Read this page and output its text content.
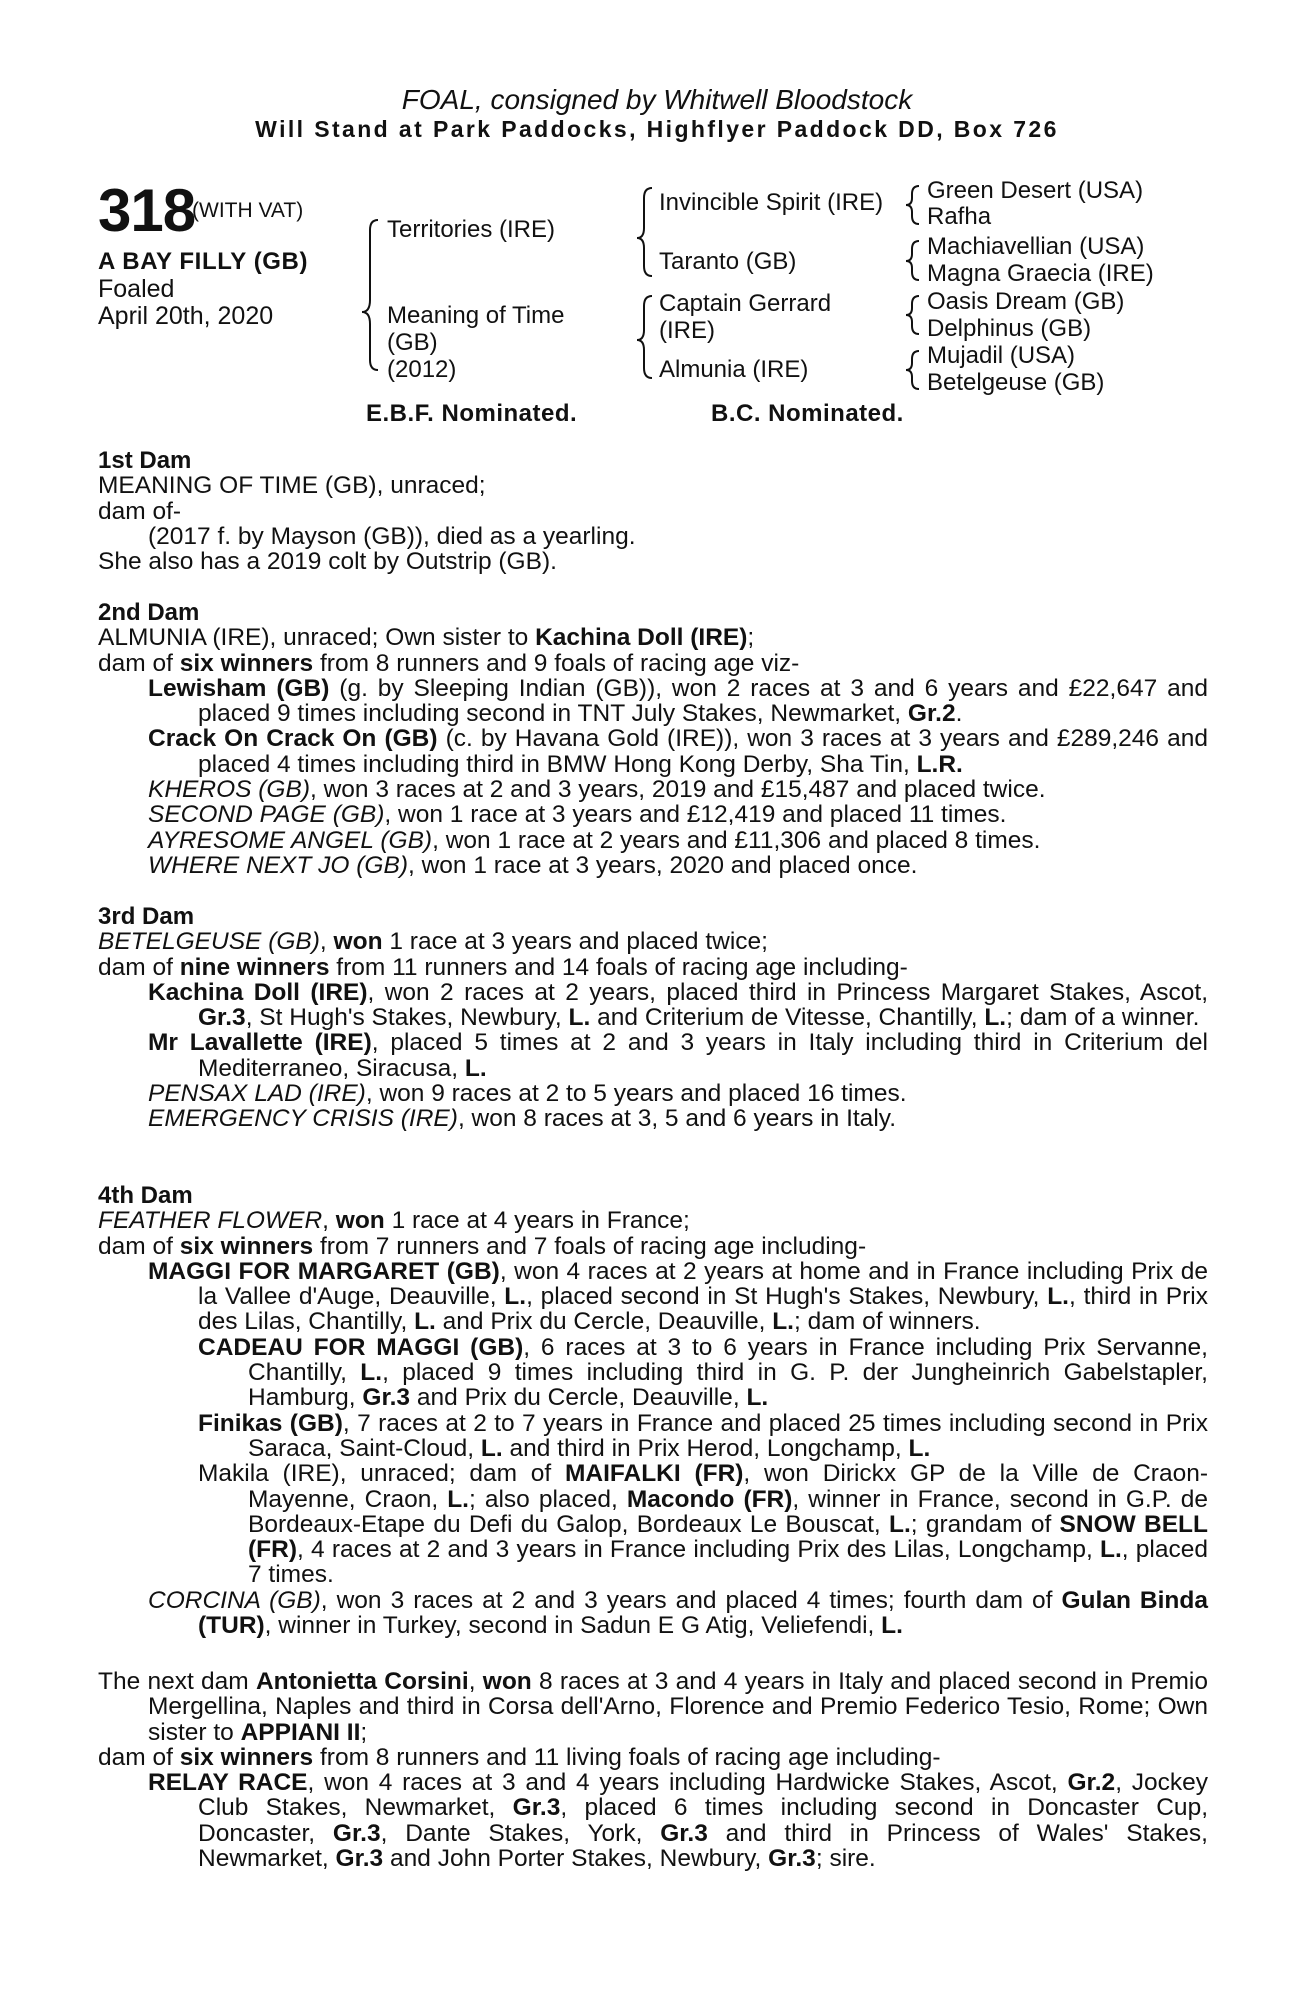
FOAL, consigned by Whitwell Bloodstock
Will Stand at Park Paddocks, Highflyer Paddock DD, Box 726
318
(WITH VAT)
A BAY FILLY (GB)
Foaled
April 20th, 2020
Territories (IRE)
Meaning of Time
(GB)
(2012)
Invincible Spirit (IRE)
Taranto (GB)
Captain Gerrard
(IRE)
Almunia (IRE)
Green Desert (USA)
Rafha
Machiavellian (USA)
Magna Graecia (IRE)
Oasis Dream (GB)
Delphinus (GB)
Mujadil (USA)
Betelgeuse (GB)
E.B.F. Nominated.	B.C. Nominated.

1st Dam

MEANING OF TIME (GB), unraced;

dam of-

(2017 f. by Mayson (GB)), died as a yearling.

She also has a 2019 colt by Outstrip (GB).

2nd Dam

ALMUNIA (IRE), unraced; Own sister to Kachina Doll (IRE);

dam of six winners from 8 runners and 9 foals of racing age viz-

Lewisham (GB) (g. by Sleeping Indian (GB)), won 2 races at 3 and 6 years and £22,647 and placed 9 times including second in TNT July Stakes, Newmarket, Gr.2.

Crack On Crack On (GB) (c. by Havana Gold (IRE)), won 3 races at 3 years and £289,246 and placed 4 times including third in BMW Hong Kong Derby, Sha Tin, L.R.

KHEROS (GB), won 3 races at 2 and 3 years, 2019 and £15,487 and placed twice.

SECOND PAGE (GB), won 1 race at 3 years and £12,419 and placed 11 times.

AYRESOME ANGEL (GB), won 1 race at 2 years and £11,306 and placed 8 times.

WHERE NEXT JO (GB), won 1 race at 3 years, 2020 and placed once.

3rd Dam

BETELGEUSE (GB), won 1 race at 3 years and placed twice;

dam of nine winners from 11 runners and 14 foals of racing age including-

Kachina Doll (IRE), won 2 races at 2 years, placed third in Princess Margaret Stakes, Ascot, Gr.3, St Hugh's Stakes, Newbury, L. and Criterium de Vitesse, Chantilly, L.; dam of a winner.

Mr Lavallette (IRE), placed 5 times at 2 and 3 years in Italy including third in Criterium del Mediterraneo, Siracusa, L.

PENSAX LAD (IRE), won 9 races at 2 to 5 years and placed 16 times.

EMERGENCY CRISIS (IRE), won 8 races at 3, 5 and 6 years in Italy.

4th Dam

FEATHER FLOWER, won 1 race at 4 years in France;

dam of six winners from 7 runners and 7 foals of racing age including-

MAGGI FOR MARGARET (GB), won 4 races at 2 years at home and in France including Prix de la Vallee d'Auge, Deauville, L., placed second in St Hugh's Stakes, Newbury, L., third in Prix des Lilas, Chantilly, L. and Prix du Cercle, Deauville, L.; dam of winners.

CADEAU FOR MAGGI (GB), 6 races at 3 to 6 years in France including Prix Servanne, Chantilly, L., placed 9 times including third in G. P. der Jungheinrich Gabelstapler, Hamburg, Gr.3 and Prix du Cercle, Deauville, L.

Finikas (GB), 7 races at 2 to 7 years in France and placed 25 times including second in Prix Saraca, Saint-Cloud, L. and third in Prix Herod, Longchamp, L.

Makila (IRE), unraced; dam of MAIFALKI (FR), won Dirickx GP de la Ville de Craon-Mayenne, Craon, L.; also placed, Macondo (FR), winner in France, second in G.P. de Bordeaux-Etape du Defi du Galop, Bordeaux Le Bouscat, L.; grandam of SNOW BELL (FR), 4 races at 2 and 3 years in France including Prix des Lilas, Longchamp, L., placed 7 times.

CORCINA (GB), won 3 races at 2 and 3 years and placed 4 times; fourth dam of Gulan Binda (TUR), winner in Turkey, second in Sadun E G Atig, Veliefendi, L.

The next dam Antonietta Corsini, won 8 races at 3 and 4 years in Italy and placed second in Premio Mergellina, Naples and third in Corsa dell'Arno, Florence and Premio Federico Tesio, Rome; Own sister to APPIANI II;

dam of six winners from 8 runners and 11 living foals of racing age including-

RELAY RACE, won 4 races at 3 and 4 years including Hardwicke Stakes, Ascot, Gr.2, Jockey Club Stakes, Newmarket, Gr.3, placed 6 times including second in Doncaster Cup, Doncaster, Gr.3, Dante Stakes, York, Gr.3 and third in Princess of Wales' Stakes, Newmarket, Gr.3 and John Porter Stakes, Newbury, Gr.3; sire.
